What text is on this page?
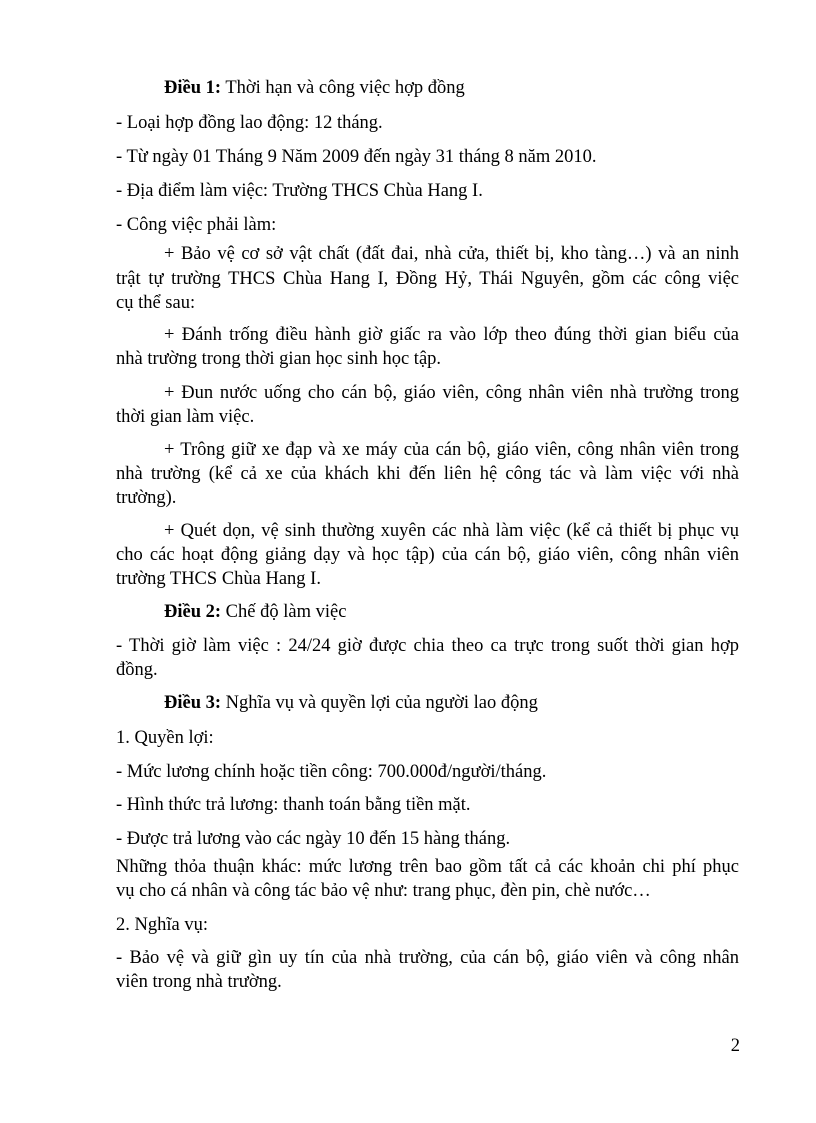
Điều 1: Thời hạn và công việc hợp đồng
- Loại hợp đồng lao động: 12 tháng.
- Từ ngày 01 Tháng 9 Năm 2009 đến ngày 31 tháng 8 năm 2010.
- Địa điểm làm việc: Trường THCS Chùa Hang I.
- Công việc phải làm:
+ Bảo vệ cơ sở vật chất (đất đai, nhà cửa, thiết bị, kho tàng…) và an ninh
trật tự trường THCS Chùa Hang I, Đồng Hỷ, Thái Nguyên, gồm các công việc
cụ thể sau:
+ Đánh trống điều hành giờ giấc ra vào lớp theo đúng thời gian biểu của
nhà trường trong thời gian học sinh học tập.
+ Đun nước uống cho cán bộ, giáo viên, công nhân viên nhà trường trong
thời gian làm việc.
+ Trông giữ xe đạp và xe máy của cán bộ, giáo viên, công nhân viên trong
nhà trường (kể cả xe của khách khi đến liên hệ công tác và làm việc với nhà
trường).
+ Quét dọn, vệ sinh thường xuyên các nhà làm việc (kể cả thiết bị phục vụ
cho các hoạt động giảng dạy và học tập) của cán bộ, giáo viên, công nhân viên
trường THCS Chùa Hang I.
Điều 2: Chế độ làm việc
- Thời giờ làm việc : 24/24 giờ được chia theo ca trực trong suốt thời gian hợp
đồng.
Điều 3: Nghĩa vụ và quyền lợi của người lao động
1. Quyền lợi:
- Mức lương chính hoặc tiền công: 700.000đ/người/tháng.
- Hình thức trả lương: thanh toán bằng tiền mặt.
- Được trả lương vào các ngày 10 đến 15 hàng tháng.
Những thỏa thuận khác: mức lương trên bao gồm tất cả các khoản chi phí phục
vụ cho cá nhân và công tác bảo vệ như: trang phục, đèn pin, chè nước…
2. Nghĩa vụ:
- Bảo vệ và giữ gìn uy tín của nhà trường, của cán bộ, giáo viên và công nhân
viên trong nhà trường.
2
